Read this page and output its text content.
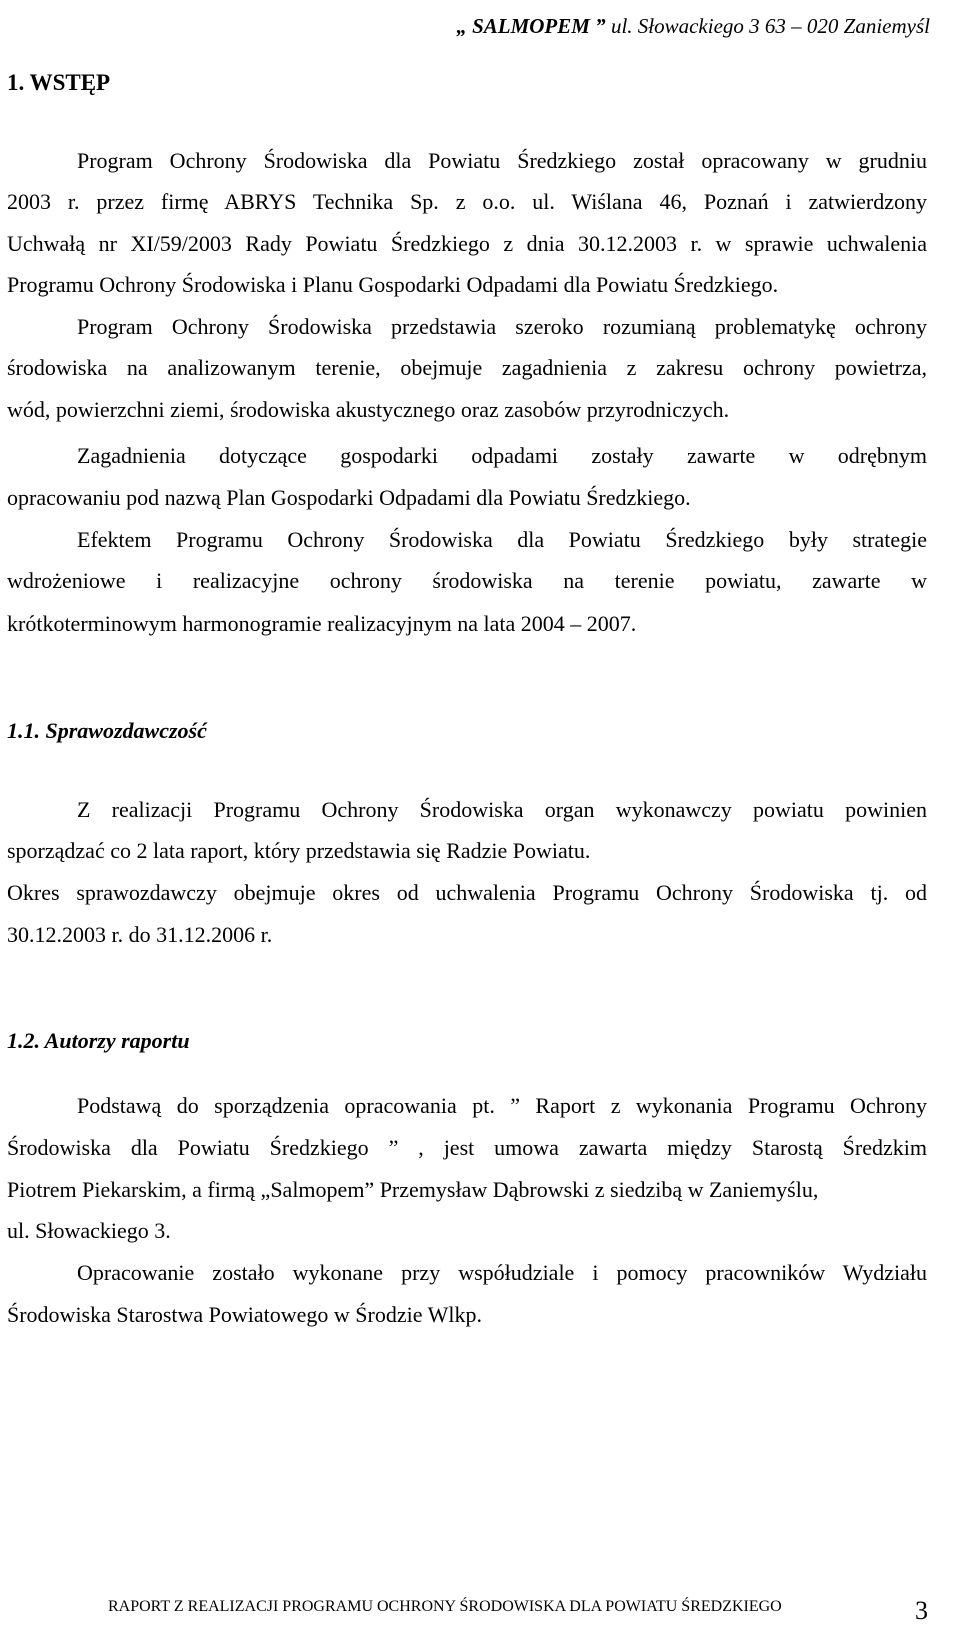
„ SALMOPEM ” ul. Słowackiego 3 63 – 020 Zaniemyśl
1. WSTĘP
Program Ochrony Środowiska dla Powiatu Średzkiego został opracowany w grudniu
2003 r. przez firmę ABRYS Technika Sp. z o.o. ul. Wiślana 46, Poznań i zatwierdzony
Uchwałą nr XI/59/2003 Rady Powiatu Średzkiego z dnia 30.12.2003 r. w sprawie uchwalenia
Programu Ochrony Środowiska i Planu Gospodarki Odpadami dla Powiatu Średzkiego.
Program Ochrony Środowiska przedstawia szeroko rozumianą problematykę ochrony
środowiska na analizowanym terenie, obejmuje zagadnienia z zakresu ochrony powietrza,
wód, powierzchni ziemi, środowiska akustycznego oraz zasobów przyrodniczych.
Zagadnienia dotyczące gospodarki odpadami zostały zawarte w odrębnym
opracowaniu pod nazwą Plan Gospodarki Odpadami dla Powiatu Średzkiego.
Efektem Programu Ochrony Środowiska dla Powiatu Średzkiego były strategie
wdrożeniowe i realizacyjne ochrony środowiska na terenie powiatu, zawarte w
krótkoterminowym harmonogramie realizacyjnym na lata 2004 – 2007.
1.1. Sprawozdawczość
Z realizacji Programu Ochrony Środowiska organ wykonawczy powiatu powinien
sporządzać co 2 lata raport, który przedstawia się Radzie Powiatu.
Okres sprawozdawczy obejmuje okres od uchwalenia Programu Ochrony Środowiska tj. od
30.12.2003 r. do 31.12.2006 r.
1.2. Autorzy raportu
Podstawą do sporządzenia opracowania pt. ” Raport z wykonania Programu Ochrony
Środowiska dla Powiatu Średzkiego ” , jest umowa zawarta między Starostą Średzkim
Piotrem Piekarskim, a firmą „Salmopem” Przemysław Dąbrowski z siedzibą w Zaniemyślu,
ul. Słowackiego 3.
Opracowanie zostało wykonane przy współudziale i pomocy pracowników Wydziału
Środowiska Starostwa Powiatowego w Środzie Wlkp.
RAPORT Z REALIZACJI PROGRAMU OCHRONY ŚRODOWISKA DLA POWIATU ŚREDZKIEGO	3
